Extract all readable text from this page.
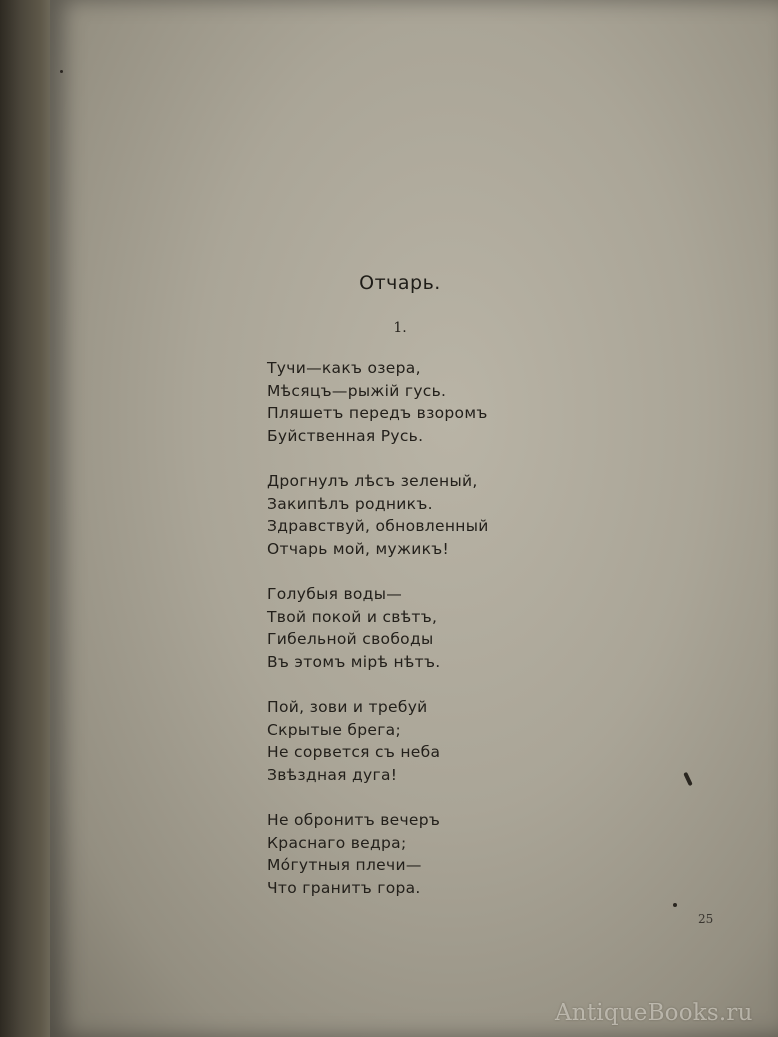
Отчарь.
1.
Тучи—какъ озера,
Мѣсяцъ—рыжій гусь.
Пляшетъ передъ взоромъ
Буйственная Русь.
Дрогнулъ лѣсъ зеленый,
Закипѣлъ родникъ.
Здравствуй, обновленный
Отчарь мой, мужикъ!
Голубыя воды—
Твой покой и свѣтъ,
Гибельной свободы
Въ этомъ мірѣ нѣтъ.
Пой, зови и требуй
Скрытые брега;
Не сорвется съ неба
Звѣздная дуга!
Не обронитъ вечеръ
Краснаго ведра;
Мóгутныя плечи—
Что гранитъ гора.
25
AntiqueBooks.ru
